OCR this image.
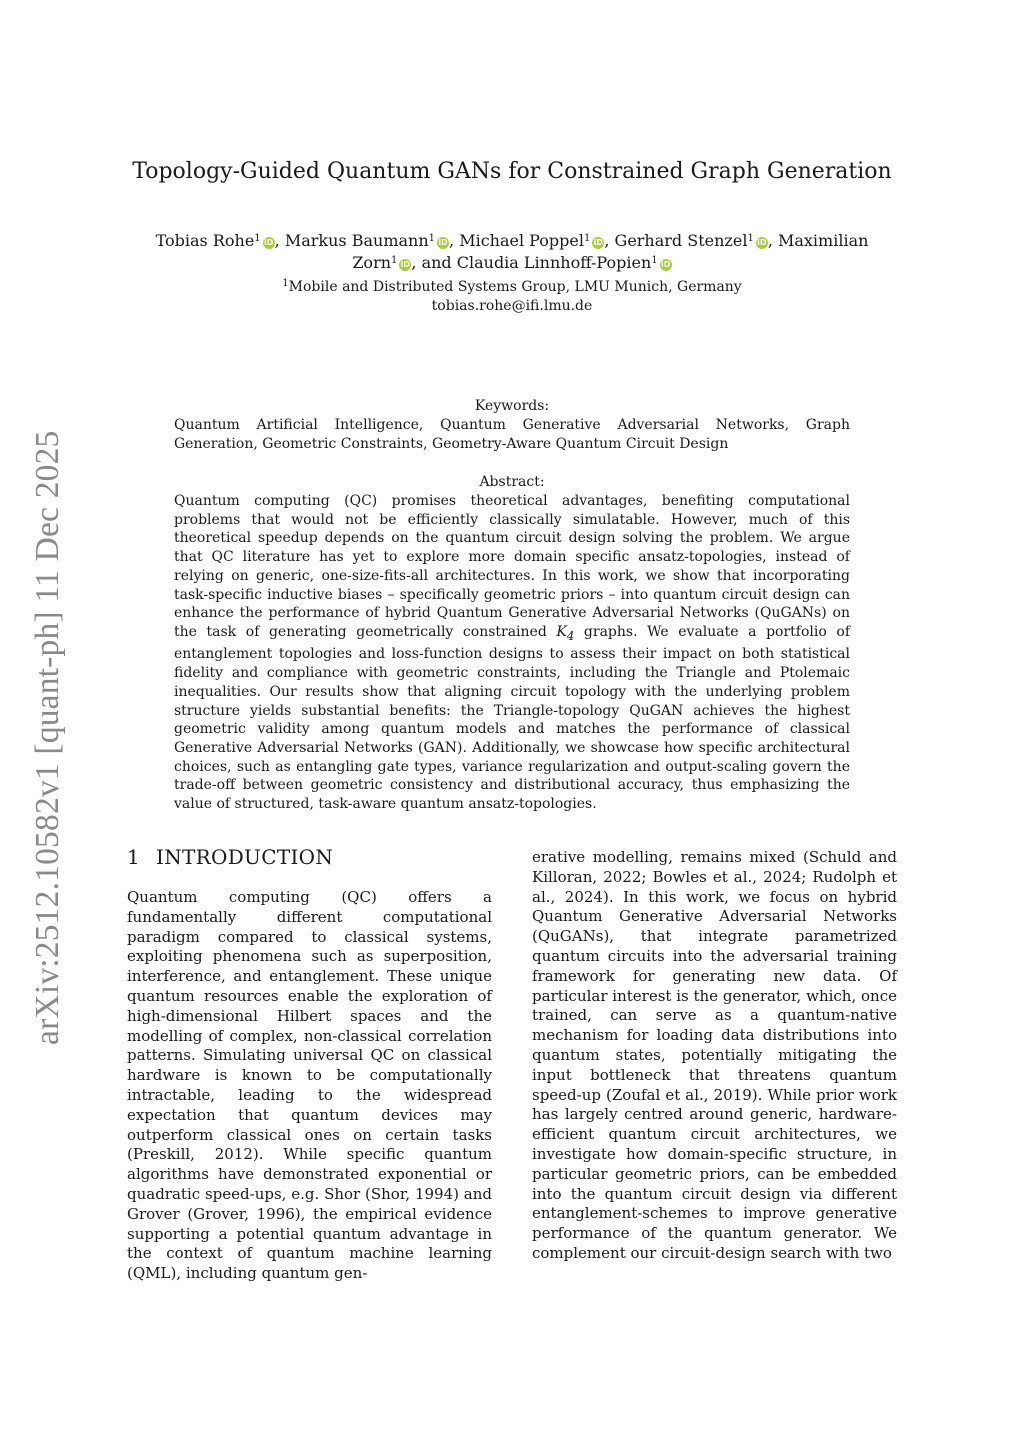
arXiv:2512.10582v1 [quant-ph] 11 Dec 2025
Topology-Guided Quantum GANs for Constrained Graph Generation
Tobias Rohe$^1$ iD, Markus Baumann$^1$ iD, Michael Poppel$^1$ iD, Gerhard Stenzel$^1$ iD, Maximilian
Zorn$^1$ iD, and Claudia Linnhoff-Popien$^1$ iD
$^1$Mobile and Distributed Systems Group, LMU Munich, Germany
tobias.rohe@ifi.lmu.de
Keywords:
Quantum Artificial Intelligence, Quantum Generative Adversarial Networks, Graph Generation, Geometric Constraints, Geometry-Aware Quantum Circuit Design
Abstract:
Quantum computing (QC) promises theoretical advantages, benefiting computational problems that would not be efficiently classically simulatable. However, much of this theoretical speedup depends on the quantum circuit design solving the problem. We argue that QC literature has yet to explore more domain specific ansatz-topologies, instead of relying on generic, one-size-fits-all architectures. In this work, we show that incorporating task-specific inductive biases – specifically geometric priors – into quantum circuit design can enhance the performance of hybrid Quantum Generative Adversarial Networks (QuGANs) on the task of generating geometrically constrained $K_4$ graphs. We evaluate a portfolio of entanglement topologies and loss-function designs to assess their impact on both statistical fidelity and compliance with geometric constraints, including the Triangle and Ptolemaic inequalities. Our results show that aligning circuit topology with the underlying problem structure yields substantial benefits: the Triangle-topology QuGAN achieves the highest geometric validity among quantum models and matches the performance of classical Generative Adversarial Networks (GAN). Additionally, we showcase how specific architectural choices, such as entangling gate types, variance regularization and output-scaling govern the trade-off between geometric consistency and distributional accuracy, thus emphasizing the value of structured, task-aware quantum ansatz-topologies.
1 INTRODUCTION
Quantum computing (QC) offers a fundamentally different computational paradigm compared to classical systems, exploiting phenomena such as superposition, interference, and entanglement. These unique quantum resources enable the exploration of high-dimensional Hilbert spaces and the modelling of complex, non-classical correlation patterns. Simulating universal QC on classical hardware is known to be computationally intractable, leading to the widespread expectation that quantum devices may outperform classical ones on certain tasks (Preskill, 2012). While specific quantum algorithms have demonstrated exponential or quadratic speed-ups, e.g. Shor (Shor, 1994) and Grover (Grover, 1996), the empirical evidence supporting a potential quantum advantage in the context of quantum machine learning (QML), including quantum gen-
erative modelling, remains mixed (Schuld and Killoran, 2022; Bowles et al., 2024; Rudolph et al., 2024). In this work, we focus on hybrid Quantum Generative Adversarial Networks (QuGANs), that integrate parametrized quantum circuits into the adversarial training framework for generating new data. Of particular interest is the generator, which, once trained, can serve as a quantum-native mechanism for loading data distributions into quantum states, potentially mitigating the input bottleneck that threatens quantum speed-up (Zoufal et al., 2019). While prior work has largely centred around generic, hardware-efficient quantum circuit architectures, we investigate how domain-specific structure, in particular geometric priors, can be embedded into the quantum circuit design via different entanglement-schemes to improve generative performance of the quantum generator. We complement our circuit-design search with two
